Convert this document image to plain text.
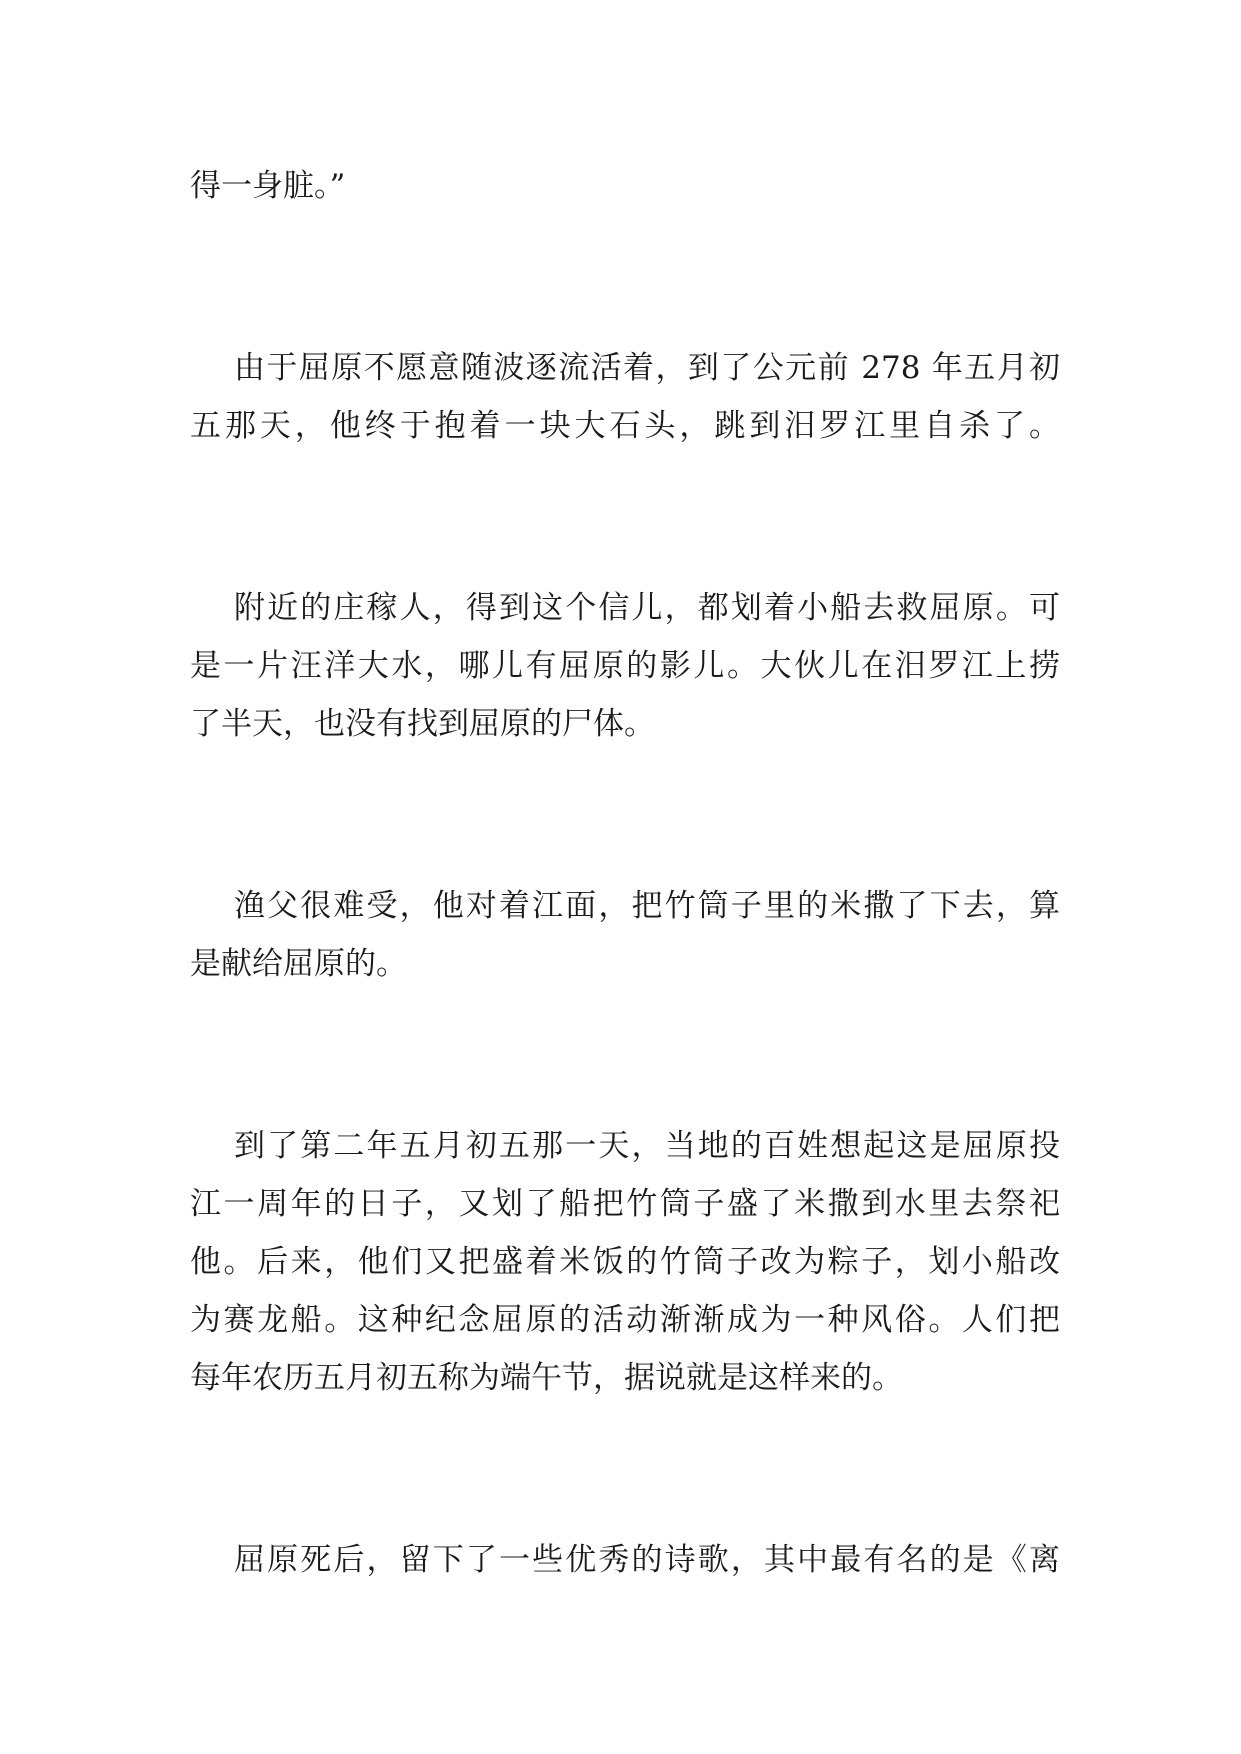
得一身脏。”
由于屈原不愿意随波逐流活着，到了公元前 278 年五月初
五那天，他终于抱着一块大石头，跳到汨罗江里自杀了。
附近的庄稼人，得到这个信儿，都划着小船去救屈原。可
是一片汪洋大水，哪儿有屈原的影儿。大伙儿在汨罗江上捞
了半天，也没有找到屈原的尸体。
渔父很难受，他对着江面，把竹筒子里的米撒了下去，算
是献给屈原的。
到了第二年五月初五那一天，当地的百姓想起这是屈原投
江一周年的日子，又划了船把竹筒子盛了米撒到水里去祭祀
他。后来，他们又把盛着米饭的竹筒子改为粽子，划小船改
为赛龙船。这种纪念屈原的活动渐渐成为一种风俗。人们把
每年农历五月初五称为端午节，据说就是这样来的。
屈原死后，留下了一些优秀的诗歌，其中最有名的是《离
